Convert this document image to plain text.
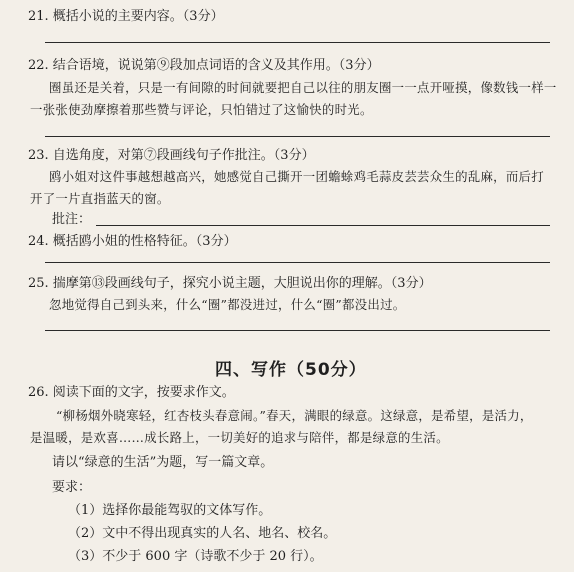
21. 概括小说的主要内容。（3分）
22. 结合语境，说说第⑨段加点词语的含义及其作用。（3分）
圈虽还是关着，只是一有间隙的时间就要把自己以往的朋友圈一一点开哑摸，像数钱一样一
一张张使劲摩擦着那些赞与评论，只怕错过了这愉快的时光。
23. 自选角度，对第⑦段画线句子作批注。（3分）
鸥小姐对这件事越想越高兴，她感觉自己撕开一团蟾蜍鸡毛蒜皮芸芸众生的乱麻，而后打
开了一片直指蓝天的窗。
批注：
24. 概括鸥小姐的性格特征。（3分）
25. 揣摩第⑬段画线句子，探究小说主题，大胆说出你的理解。（3分）
忽地觉得自己到头来，什么“圈”都没进过，什么“圈”都没出过。
四、写作（50分）
26. 阅读下面的文字，按要求作文。
“柳杨烟外晓寒轻，红杏枝头春意闹。”春天，满眼的绿意。这绿意，是希望，是活力，
是温暖，是欢喜……成长路上，一切美好的追求与陪伴，都是绿意的生活。
请以“绿意的生活”为题，写一篇文章。
要求：
（1）选择你最能驾驭的文体写作。
（2）文中不得出现真实的人名、地名、校名。
（3）不少于 600 字（诗歌不少于 20 行）。
